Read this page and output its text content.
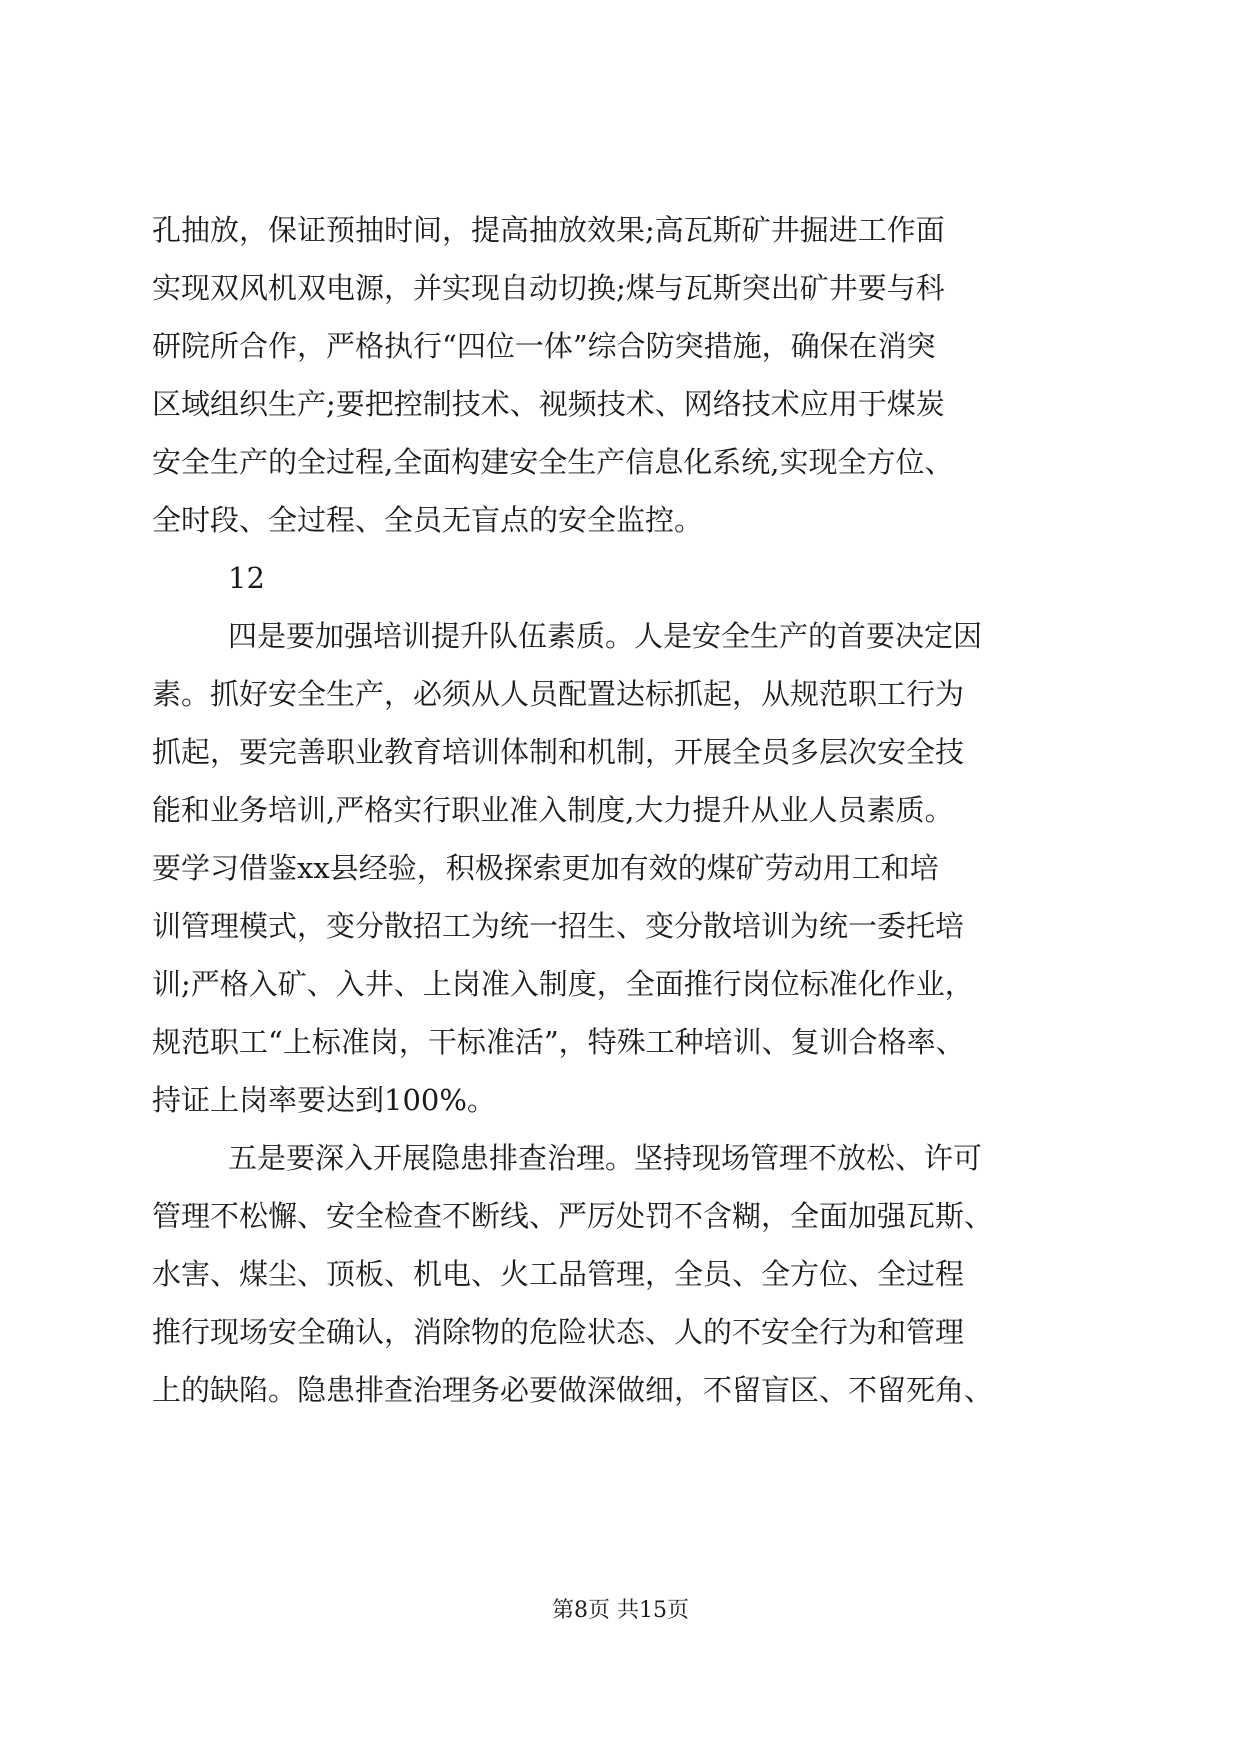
孔抽放，保证预抽时间，提高抽放效果;高瓦斯矿井掘进工作面
实现双风机双电源，并实现自动切换;煤与瓦斯突出矿井要与科
研院所合作，严格执行“四位一体”综合防突措施，确保在消突
区域组织生产;要把控制技术、视频技术、网络技术应用于煤炭
安全生产的全过程,全面构建安全生产信息化系统,实现全方位、
全时段、全过程、全员无盲点的安全监控。
12
四是要加强培训提升队伍素质。人是安全生产的首要决定因
素。抓好安全生产，必须从人员配置达标抓起，从规范职工行为
抓起，要完善职业教育培训体制和机制，开展全员多层次安全技
能和业务培训,严格实行职业准入制度,大力提升从业人员素质。
要学习借鉴xx县经验，积极探索更加有效的煤矿劳动用工和培
训管理模式，变分散招工为统一招生、变分散培训为统一委托培
训;严格入矿、入井、上岗准入制度，全面推行岗位标准化作业，
规范职工“上标准岗，干标准活”，特殊工种培训、复训合格率、
持证上岗率要达到100%。
五是要深入开展隐患排查治理。坚持现场管理不放松、许可
管理不松懈、安全检查不断线、严厉处罚不含糊，全面加强瓦斯、
水害、煤尘、顶板、机电、火工品管理，全员、全方位、全过程
推行现场安全确认，消除物的危险状态、人的不安全行为和管理
上的缺陷。隐患排查治理务必要做深做细，不留盲区、不留死角、
第8页 共15页
